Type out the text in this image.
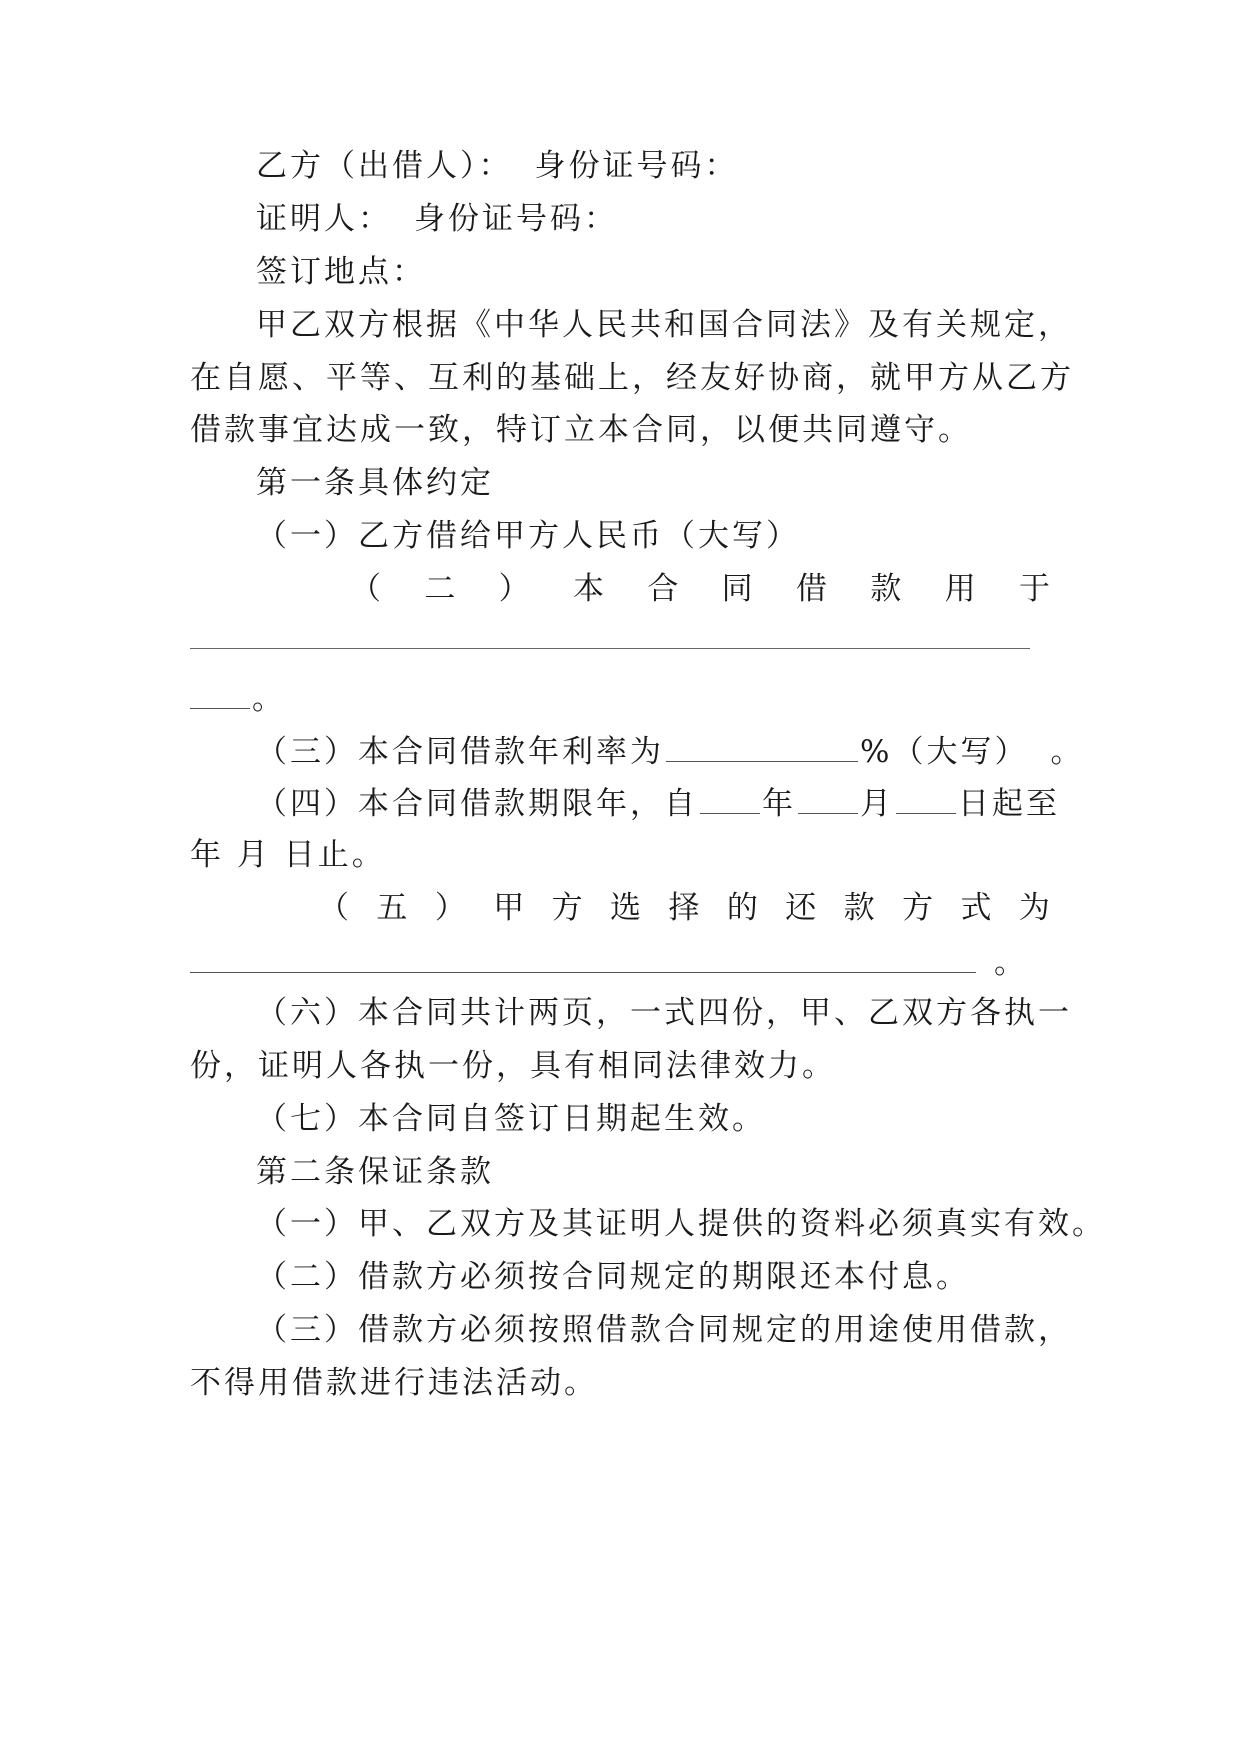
乙方（出借人）： 身份证号码：
证明人： 身份证号码：
签订地点：
甲乙双方根据《中华人民共和国合同法》及有关规定，
在自愿、平等、互利的基础上，经友好协商，就甲方从乙方
借款事宜达成一致，特订立本合同，以便共同遵守。
第一条具体约定
（一）乙方借给甲方人民币（大写）
（ 二 ） 本 合 同 借 款 用 于
。
（三）本合同借款年利率为	%（大写） 。
（四）本合同借款期限年，自 年 月 日起至
年 月 日止。
（ 五 ） 甲 方 选 择 的 还 款 方 式 为
。
（六）本合同共计两页，一式四份，甲、乙双方各执一
份，证明人各执一份，具有相同法律效力。
（七）本合同自签订日期起生效。
第二条保证条款
（一）甲、乙双方及其证明人提供的资料必须真实有效。
（二）借款方必须按合同规定的期限还本付息。
（三）借款方必须按照借款合同规定的用途使用借款，
不得用借款进行违法活动。
